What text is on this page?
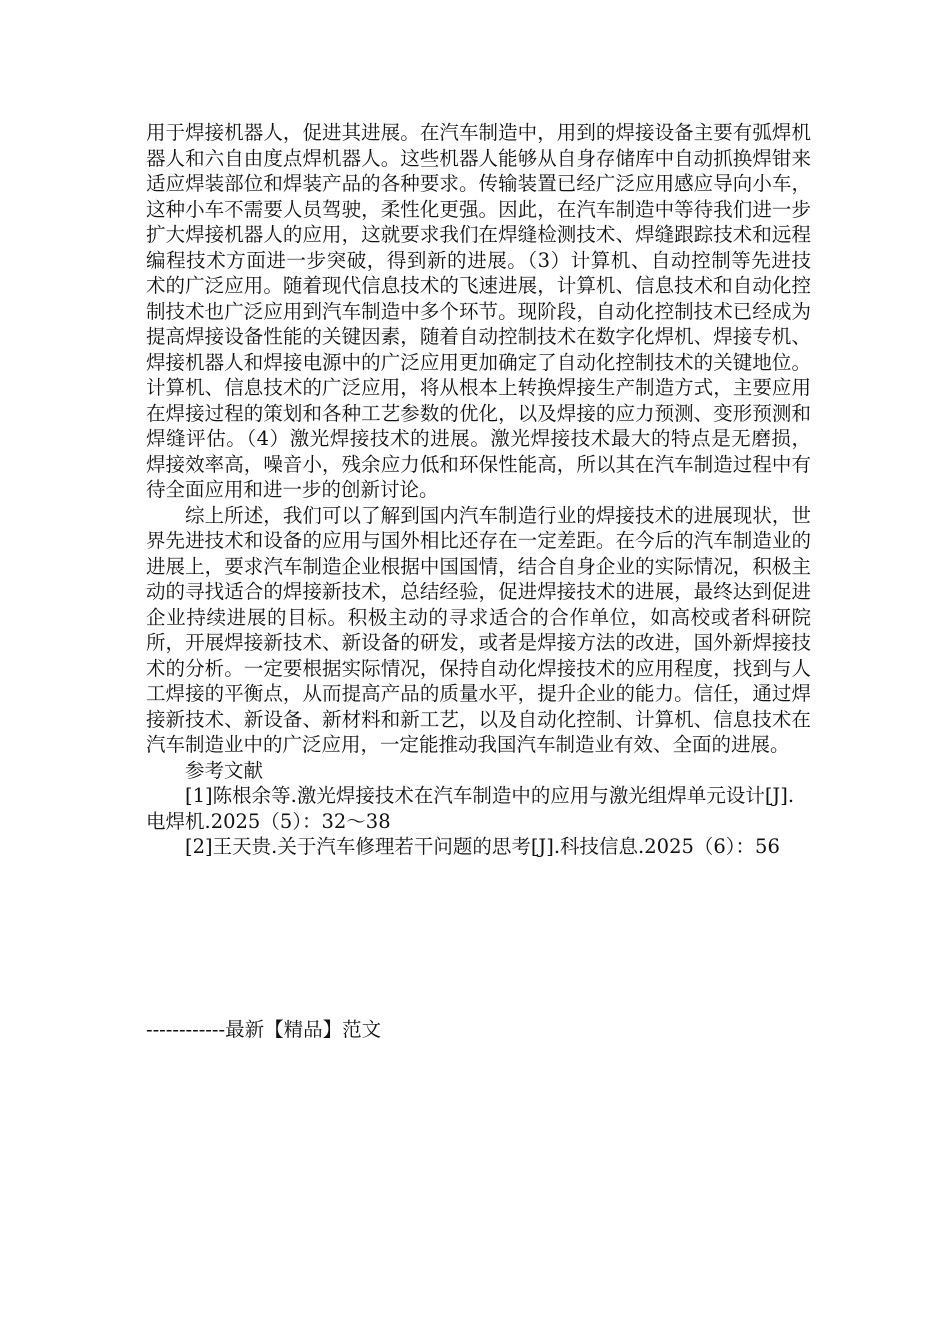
用于焊接机器人，促进其进展。在汽车制造中，用到的焊接设备主要有弧焊机器人和六自由度点焊机器人。这些机器人能够从自身存储库中自动抓换焊钳来适应焊装部位和焊装产品的各种要求。传输装置已经广泛应用感应导向小车，这种小车不需要人员驾驶，柔性化更强。因此，在汽车制造中等待我们进一步扩大焊接机器人的应用，这就要求我们在焊缝检测技术、焊缝跟踪技术和远程编程技术方面进一步突破，得到新的进展。（3）计算机、自动控制等先进技术的广泛应用。随着现代信息技术的飞速进展，计算机、信息技术和自动化控制技术也广泛应用到汽车制造中多个环节。现阶段，自动化控制技术已经成为提高焊接设备性能的关键因素，随着自动控制技术在数字化焊机、焊接专机、焊接机器人和焊接电源中的广泛应用更加确定了自动化控制技术的关键地位。计算机、信息技术的广泛应用，将从根本上转换焊接生产制造方式，主要应用在焊接过程的策划和各种工艺参数的优化，以及焊接的应力预测、变形预测和焊缝评估。（4）激光焊接技术的进展。激光焊接技术最大的特点是无磨损，焊接效率高，噪音小，残余应力低和环保性能高，所以其在汽车制造过程中有待全面应用和进一步的创新讨论。

综上所述，我们可以了解到国内汽车制造行业的焊接技术的进展现状，世界先进技术和设备的应用与国外相比还存在一定差距。在今后的汽车制造业的进展上，要求汽车制造企业根据中国国情，结合自身企业的实际情况，积极主动的寻找适合的焊接新技术，总结经验，促进焊接技术的进展，最终达到促进企业持续进展的目标。积极主动的寻求适合的合作单位，如高校或者科研院所，开展焊接新技术、新设备的研发，或者是焊接方法的改进，国外新焊接技术的分析。一定要根据实际情况，保持自动化焊接技术的应用程度，找到与人工焊接的平衡点，从而提高产品的质量水平，提升企业的能力。信任，通过焊接新技术、新设备、新材料和新工艺，以及自动化控制、计算机、信息技术在汽车制造业中的广泛应用，一定能推动我国汽车制造业有效、全面的进展。

参考文献

[1]陈根余等.激光焊接技术在汽车制造中的应用与激光组焊单元设计[J].电焊机.2025（5）：32～38

[2]王天贵.关于汽车修理若干问题的思考[J].科技信息.2025（6）：56

------------最新【精品】范文
